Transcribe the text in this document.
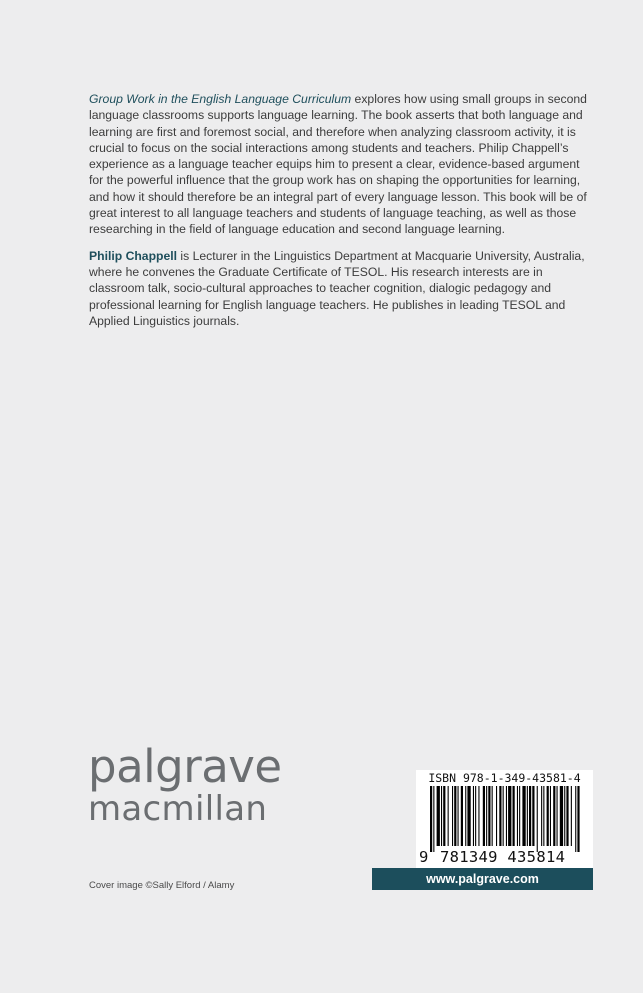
Group Work in the English Language Curriculum explores how using small groups in second language classrooms supports language learning. The book asserts that both language and learning are first and foremost social, and therefore when analyzing classroom activity, it is crucial to focus on the social interactions among students and teachers. Philip Chappell’s experience as a language teacher equips him to present a clear, evidence-based argument for the powerful influence that the group work has on shaping the opportunities for learning, and how it should therefore be an integral part of every language lesson. This book will be of great interest to all language teachers and students of language teaching, as well as those researching in the field of language education and second language learning.

Philip Chappell is Lecturer in the Linguistics Department at Macquarie University, Australia, where he convenes the Graduate Certificate of TESOL. His research interests are in classroom talk, socio-cultural approaches to teacher cognition, dialogic pedagogy and professional learning for English language teachers. He publishes in leading TESOL and Applied Linguistics journals.

palgrave
macmillan
Cover image ©Sally Elford / Alamy
ISBN 978-1-349-43581-4
9 781349 435814
www.palgrave.com
